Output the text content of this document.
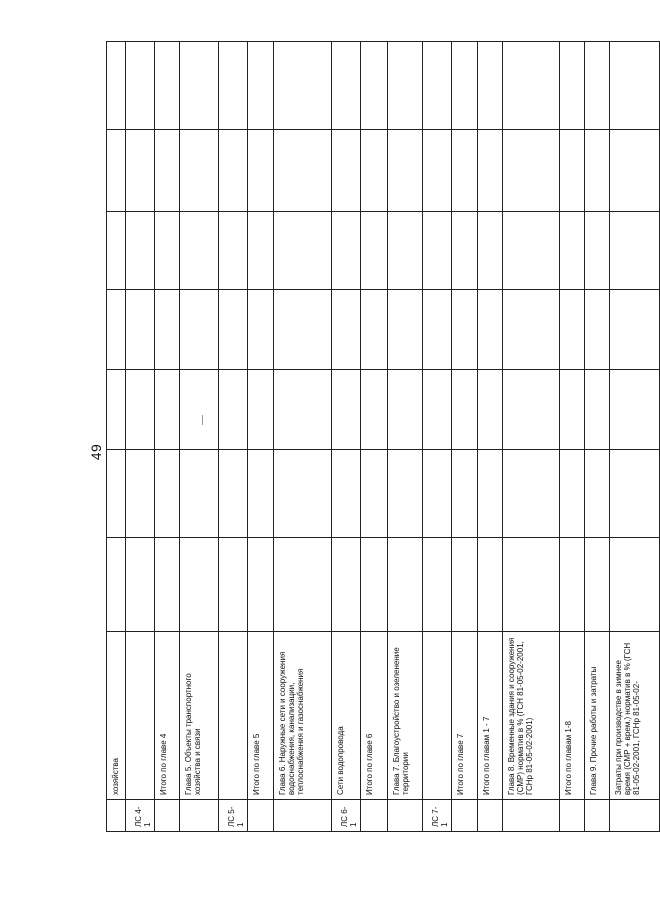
49
	хозяйства							
ЛС 4-1								
	Итого по главе 4							
	Глава 5. Объекты транспортного хозяйства и связи			

ЛС 5-1								
	Итого по главе 5							
	Глава 6. Наружные сети и сооружения водоснабжения, канализации, теплоснабжения и газоснабжения							
ЛС 6-1	Сети водопровода							
	Итого по главе 6							
	Глава 7. Благоустройство и озеленение территории							
ЛС 7-1								
	Итого по главе 7							
	Итого по главам 1 - 7							
	Глава 8. Временные здания и сооружения (СМР) норматив в % (ГСН 81-05-02-2001, ГСНр 81-05-02-2001)							
	Итого по главам 1-8							
	Глава 9. Прочие работы и затраты							
	Затраты при производстве в зимнее время (СМР + врем.) норматив в % (ГСН 81-05-02-2001, ГСНр 81-05-02-							
